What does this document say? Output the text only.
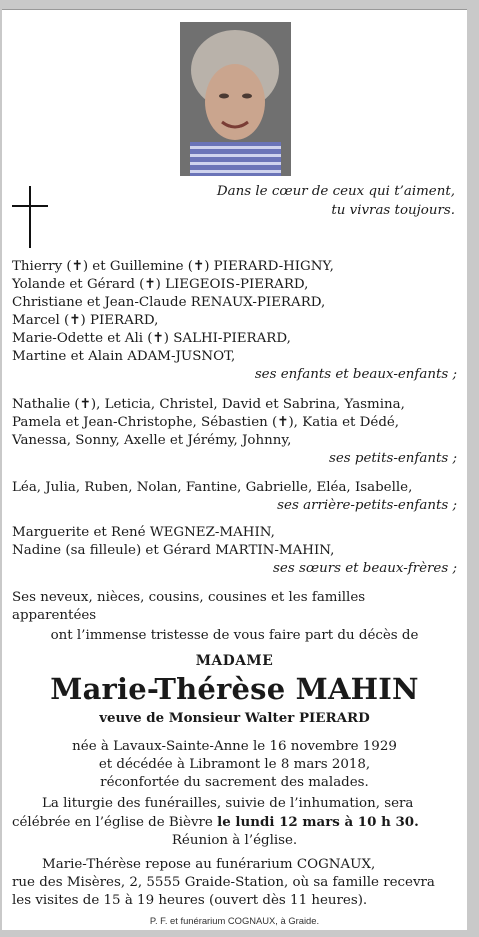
Dans le cœur de ceux qui t’aiment,
tu vivras toujours.
Thierry (✝) et Guillemine (✝) PIERARD-HIGNY,
Yolande et Gérard (✝) LIEGEOIS-PIERARD,
Christiane et Jean-Claude RENAUX-PIERARD,
Marcel (✝) PIERARD,
Marie-Odette et Ali (✝) SALHI-PIERARD,
Martine et Alain ADAM-JUSNOT,
ses enfants et beaux-enfants ;
Nathalie (✝), Leticia, Christel, David et Sabrina, Yasmina,
Pamela et Jean-Christophe, Sébastien (✝), Katia et Dédé,
Vanessa, Sonny, Axelle et Jérémy, Johnny,
ses petits-enfants ;
Léa, Julia, Ruben, Nolan, Fantine, Gabrielle, Eléa, Isabelle,
ses arrière-petits-enfants ;
Marguerite et René WEGNEZ-MAHIN,
Nadine (sa filleule) et Gérard MARTIN-MAHIN,
ses sœurs et beaux-frères ;
Ses neveux, nièces, cousins, cousines et les familles
apparentées
ont l’immense tristesse de vous faire part du décès de
MADAME
Marie-Thérèse MAHIN
veuve de Monsieur Walter PIERARD
née à Lavaux-Sainte-Anne le 16 novembre 1929
et décédée à Libramont le 8 mars 2018,
réconfortée du sacrement des malades.
La liturgie des funérailles, suivie de l’inhumation, sera
célébrée en l’église de Bièvre le lundi 12 mars à 10 h 30.
Réunion à l’église.
Marie-Thérèse repose au funérarium COGNAUX,
rue des Misères, 2, 5555 Graide-Station, où sa famille recevra
les visites de 15 à 19 heures (ouvert dès 11 heures).
P. F. et funérarium COGNAUX, à Graide.
